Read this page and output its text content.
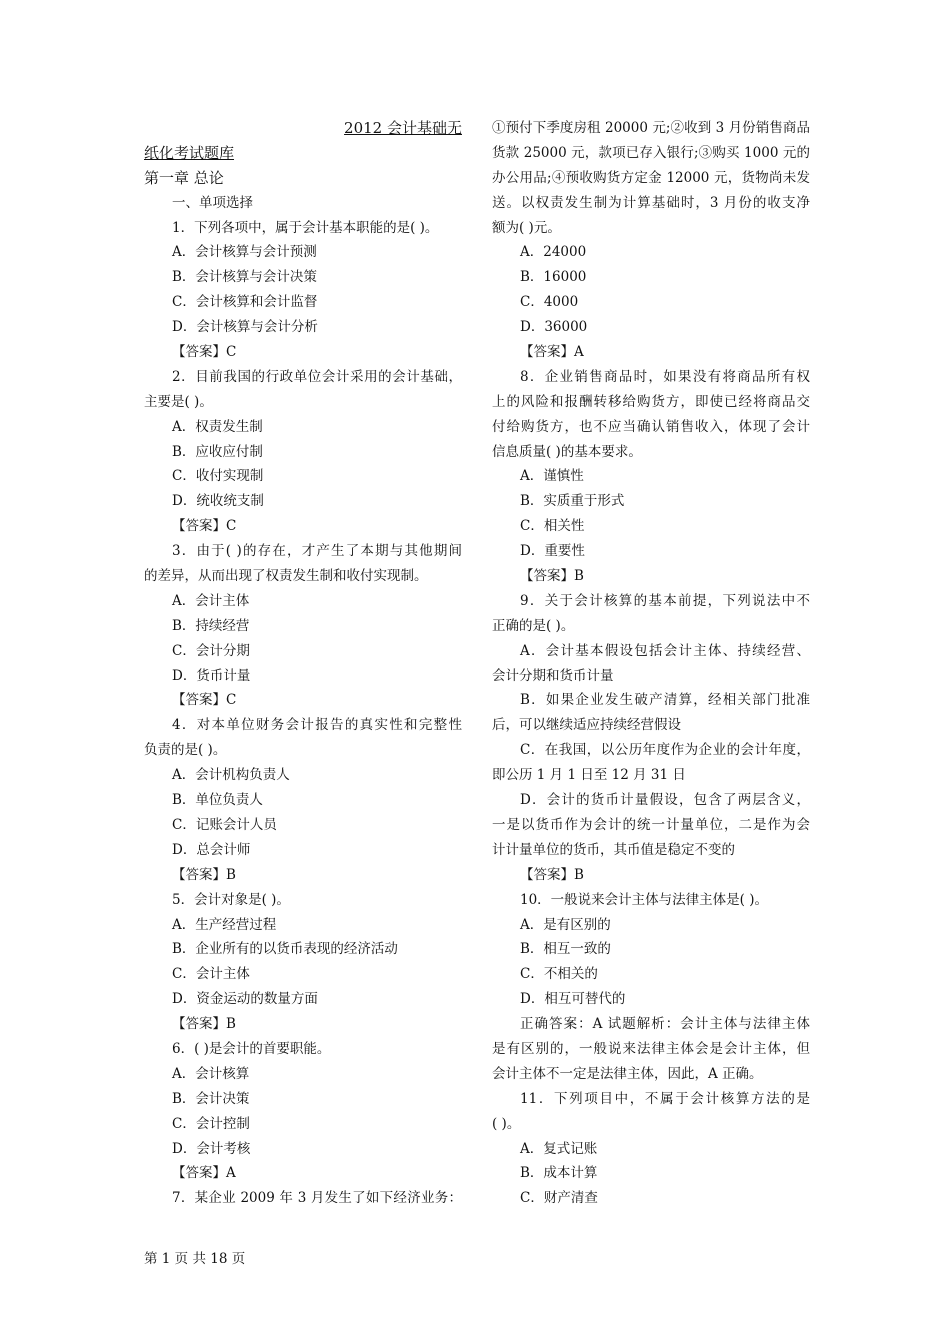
2012 会计基础无
纸化考试题库
第一章 总论
一、单项选择
1．下列各项中，属于会计基本职能的是( )。
A．会计核算与会计预测
B．会计核算与会计决策
C．会计核算和会计监督
D．会计核算与会计分析
【答案】C
2．目前我国的行政单位会计采用的会计基础，
主要是( )。
A．权责发生制
B．应收应付制
C．收付实现制
D．统收统支制
【答案】C
3．由于( )的存在，才产生了本期与其他期间
的差异，从而出现了权责发生制和收付实现制。
A．会计主体
B．持续经营
C．会计分期
D．货币计量
【答案】C
4．对本单位财务会计报告的真实性和完整性
负责的是( )。
A．会计机构负责人
B．单位负责人
C．记账会计人员
D．总会计师
【答案】B
5．会计对象是( )。
A．生产经营过程
B．企业所有的以货币表现的经济活动
C．会计主体
D．资金运动的数量方面
【答案】B
6．( )是会计的首要职能。
A．会计核算
B．会计决策
C．会计控制
D．会计考核
【答案】A
7．某企业 2009 年 3 月发生了如下经济业务：
①预付下季度房租 20000 元;②收到 3 月份销售商品
货款 25000 元，款项已存入银行;③购买 1000 元的
办公用品;④预收购货方定金 12000 元，货物尚未发
送。以权责发生制为计算基础时，3 月份的收支净
额为( )元。
A．24000
B．16000
C．4000
D．36000
【答案】A
8．企业销售商品时，如果没有将商品所有权
上的风险和报酬转移给购货方，即使已经将商品交
付给购货方，也不应当确认销售收入，体现了会计
信息质量( )的基本要求。
A．谨慎性
B．实质重于形式
C．相关性
D．重要性
【答案】B
9．关于会计核算的基本前提，下列说法中不
正确的是( )。
A．会计基本假设包括会计主体、持续经营、
会计分期和货币计量
B．如果企业发生破产清算，经相关部门批准
后，可以继续适应持续经营假设
C．在我国，以公历年度作为企业的会计年度，
即公历 1 月 1 日至 12 月 31 日
D．会计的货币计量假设，包含了两层含义，
一是以货币作为会计的统一计量单位，二是作为会
计计量单位的货币，其币值是稳定不变的
【答案】B
10．一般说来会计主体与法律主体是( )。
A．是有区别的
B．相互一致的
C．不相关的
D．相互可替代的
正确答案：A 试题解析：会计主体与法律主体
是有区别的，一般说来法律主体会是会计主体，但
会计主体不一定是法律主体，因此，A 正确。
11．下列项目中，不属于会计核算方法的是
( )。
A．复式记账
B．成本计算
C．财产清查
第 1 页 共 18 页
